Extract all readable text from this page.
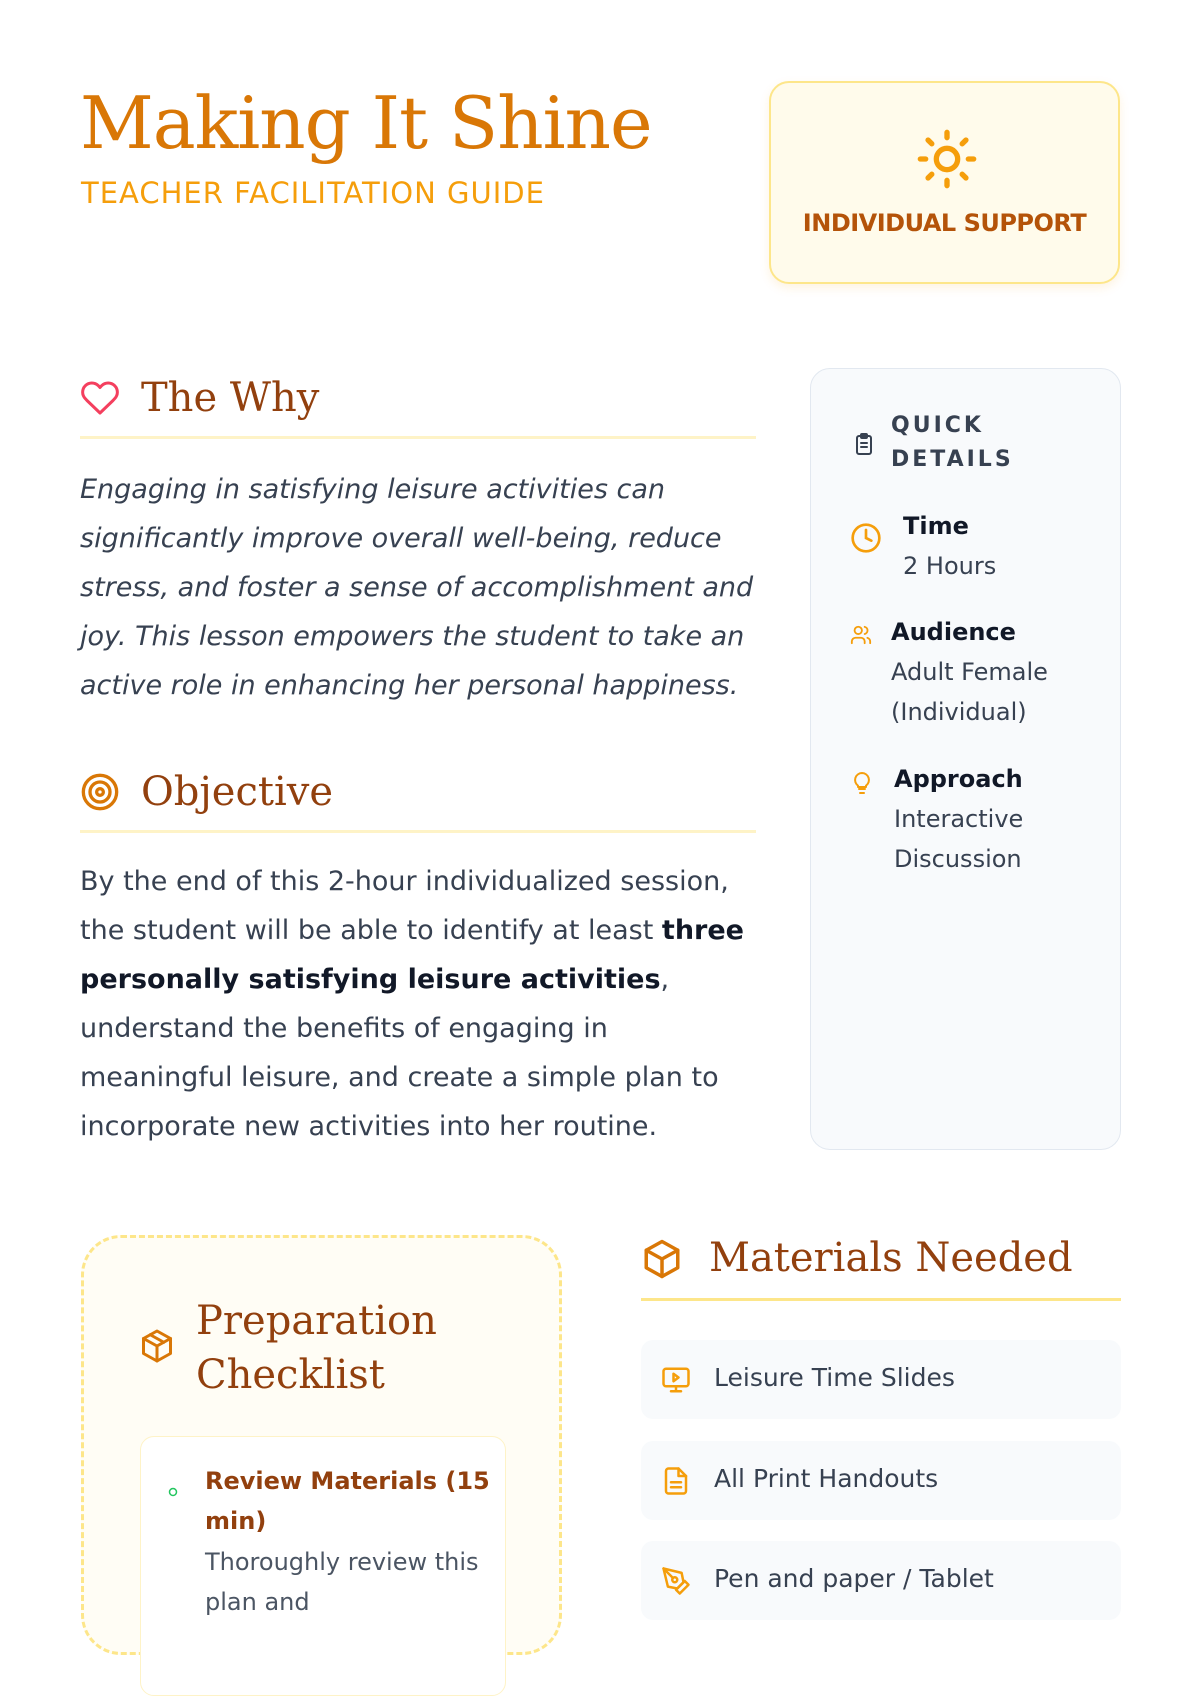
Making It Shine
TEACHER FACILITATION GUIDE
INDIVIDUAL SUPPORT
The Why

Engaging in satisfying leisure activities can significantly improve overall well-being, reduce stress, and foster a sense of accomplishment and joy. This lesson empowers the student to take an active role in enhancing her personal happiness.

Objective

By the end of this 2-hour individualized session, the student will be able to identify at least three personally satisfying leisure activities, understand the benefits of engaging in meaningful leisure, and create a simple plan to incorporate new activities into her routine.

QUICK DETAILS
Time
2 Hours
Audience
Adult Female (Individual)
Approach
Interactive Discussion
Preparation Checklist
Review Materials (15 min)
Thoroughly review this plan and
Materials Needed
Leisure Time Slides
All Print Handouts
Pen and paper / Tablet
